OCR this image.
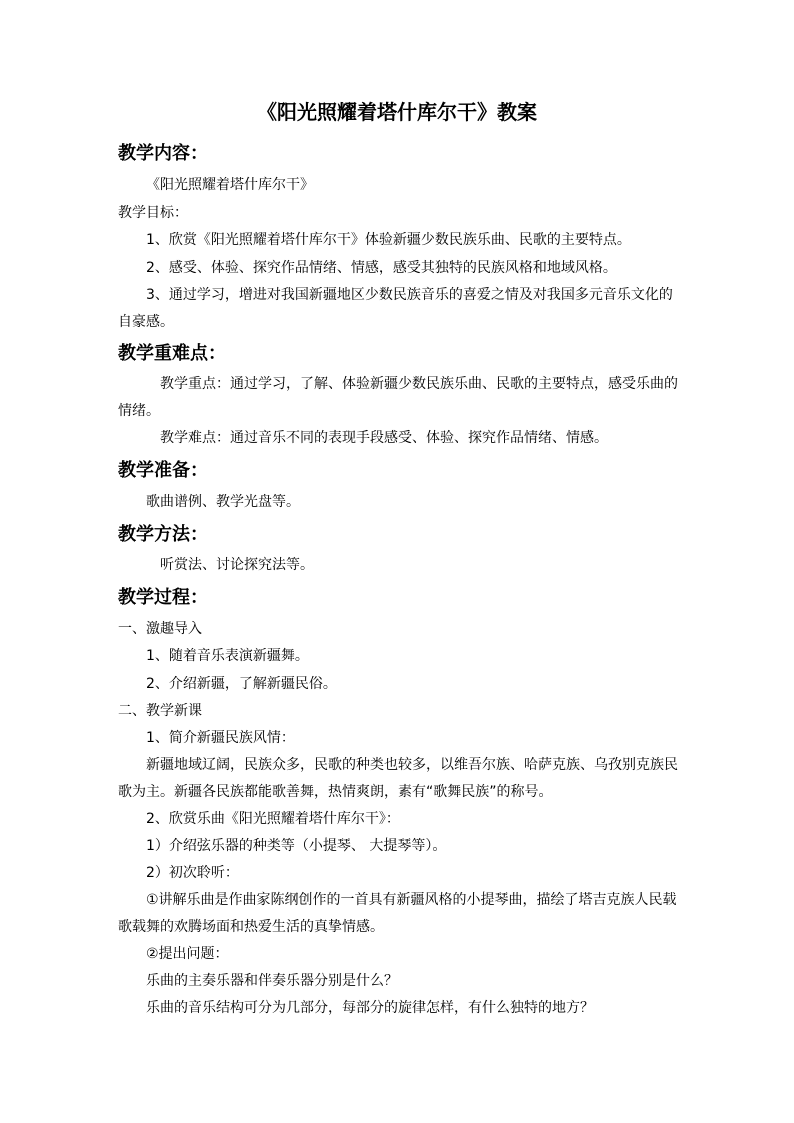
《阳光照耀着塔什库尔干》教案
教学内容：
《阳光照耀着塔什库尔干》
教学目标：
1、欣赏《阳光照耀着塔什库尔干》体验新疆少数民族乐曲、民歌的主要特点。
2、感受、体验、探究作品情绪、情感，感受其独特的民族风格和地域风格。
3、通过学习，增进对我国新疆地区少数民族音乐的喜爱之情及对我国多元音乐文化的
自豪感。
教学重难点：
教学重点：通过学习，了解、体验新疆少数民族乐曲、民歌的主要特点，感受乐曲的
情绪。
教学难点：通过音乐不同的表现手段感受、体验、探究作品情绪、情感。
教学准备：
歌曲谱例、教学光盘等。
教学方法：
听赏法、讨论探究法等。
教学过程：
一、激趣导入
1、随着音乐表演新疆舞。
2、介绍新疆，了解新疆民俗。
二、教学新课
1、简介新疆民族风情：
新疆地域辽阔，民族众多，民歌的种类也较多，以维吾尔族、哈萨克族、乌孜别克族民
歌为主。新疆各民族都能歌善舞，热情爽朗，素有“歌舞民族”的称号。
2、欣赏乐曲《阳光照耀着塔什库尔干》：
1）介绍弦乐器的种类等（小提琴、 大提琴等）。
2）初次聆听：
①讲解乐曲是作曲家陈纲创作的一首具有新疆风格的小提琴曲，描绘了塔吉克族人民载
歌载舞的欢腾场面和热爱生活的真挚情感。
②提出问题：
乐曲的主奏乐器和伴奏乐器分别是什么？
乐曲的音乐结构可分为几部分，每部分的旋律怎样，有什么独特的地方？
